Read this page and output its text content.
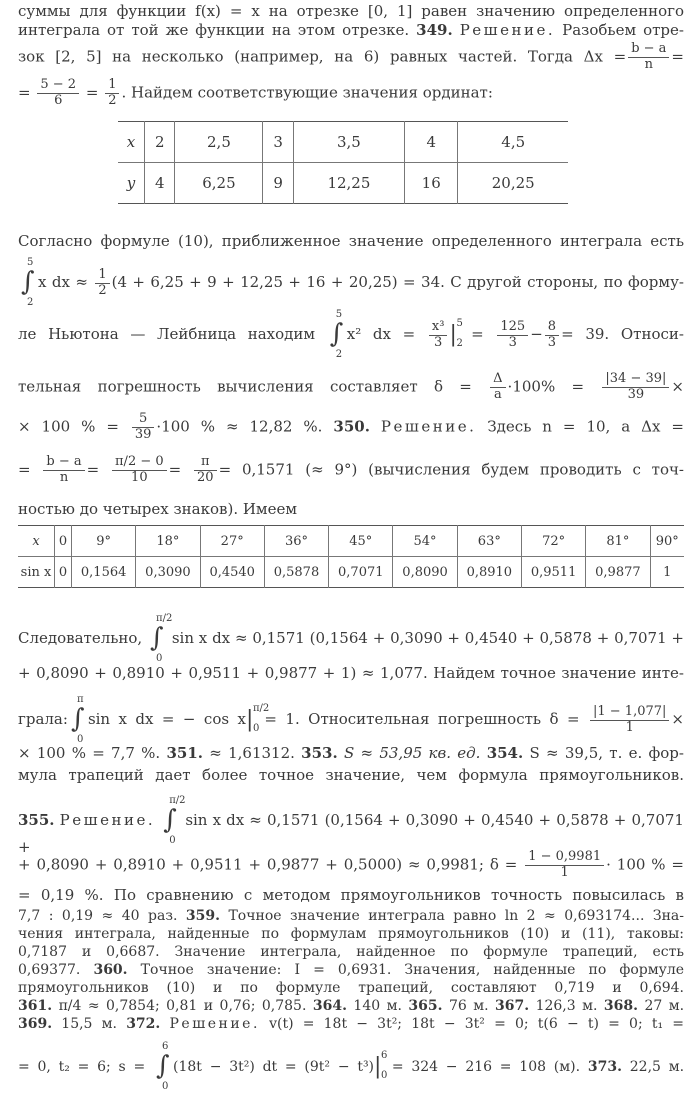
суммы для функции f(x) = x на отрезке [0, 1] равен значению определенного
интеграла от той же функции на этом отрезке. 349. Решение. Разобьем отре-
зок [2, 5] на несколько (например, на 6) равных частей. Тогда $\Delta x = \frac{b - a}{n}$ =
= $\frac{5 - 2}{6} = \frac{1}{2}$ . Найдем соответствующие значения ординат:
x	2	2,5	3	3,5	4	4,5
y	4	6,25	9	12,25	16	20,25
Согласно формуле (10), приближенное значение определенного интеграла есть
∫
5
2
x dx ≈ $\frac{1}{2} (4 + 6,25 + 9 + 12,25 + 16 + 20,25) = 34$. С другой стороны, по форму-
ле Ньютона — Лейбница находим ∫
5
2
x² dx = $\frac{\text{x³}}{3}$ | 5
2
= $\frac{125}{3} - \frac{8}{3} = 39$. Относи-
тельная погрешность вычисления составляет $\delta = \frac{\Delta}{a} \cdot 100\% = \frac{|34 - 39|}{39}$ ×
× 100 % = $\frac{5}{39} \cdot 100$ % ≈ 12,82 %. 350. Решение. Здесь n = 10, а Δx =
= $\frac{b - a}{n} = \frac{\pi/2 - 0}{10} = \frac{\pi}{20} = 0,1571$ (≈ 9°) (вычисления будем проводить с точ-
ностью до четырех знаков). Имеем
x	0	9°	18°	27°	36°	45°	54°	63°	72°	81°	90°
sin x	0	0,1564	0,3090	0,4540	0,5878	0,7071	0,8090	0,8910	0,9511	0,9877	1
Следовательно, ∫
π/2
0
sin x dx ≈ 0,1571 (0,1564 + 0,3090 + 0,4540 + 0,5878 + 0,7071 +
+ 0,8090 + 0,8910 + 0,9511 + 0,9877 + 1) ≈ 1,077. Найдем точное значение инте-
грала: ∫
π
0
sin x dx = − cos x| π/2
0
= 1. Относительная погрешность $\delta = \frac{|1 - 1,077|}{1}$ ×
× 100 % = 7,7 %. 351. ≈ 1,61312. 353. S ≈ 53,95 кв. ед. 354. S ≈ 39,5, т. е. фор-
мула трапеций дает более точное значение, чем формула прямоугольников.
355. Решение. ∫
π/2
0
sin x dx ≈ 0,1571 (0,1564 + 0,3090 + 0,4540 + 0,5878 + 0,7071 +
+ 0,8090 + 0,8910 + 0,9511 + 0,9877 + 0,5000) ≈ 0,9981; $\delta = \frac{1 - 0,9981}{1} \cdot 100$ % =
= 0,19 %. По сравнению с методом прямоугольников точность повысилась в
7,7 : 0,19 ≈ 40 раз. 359. Точное значение интеграла равно ln 2 ≈ 0,693174... Зна-
чения интеграла, найденные по формулам прямоугольников (10) и (11), таковы:
0,7187 и 0,6687. Значение интеграла, найденное по формуле трапеций, есть
0,69377. 360. Точное значение: I = 0,6931. Значения, найденные по формуле
прямоугольников (10) и по формуле трапеций, составляют 0,719 и 0,694.
361. π/4 ≈ 0,7854; 0,81 и 0,76; 0,785. 364. 140 м. 365. 76 м. 367. 126,3 м. 368. 27 м.
369. 15,5 м. 372. Решение. v(t) = 18t − 3t²; 18t − 3t² = 0; t(6 − t) = 0; t₁ =
= 0, t₂ = 6; s = ∫
6
0
(18t − 3t²) dt = (9t² − t³)| 6
0
= 324 − 216 = 108 (м). 373. 22,5 м.
